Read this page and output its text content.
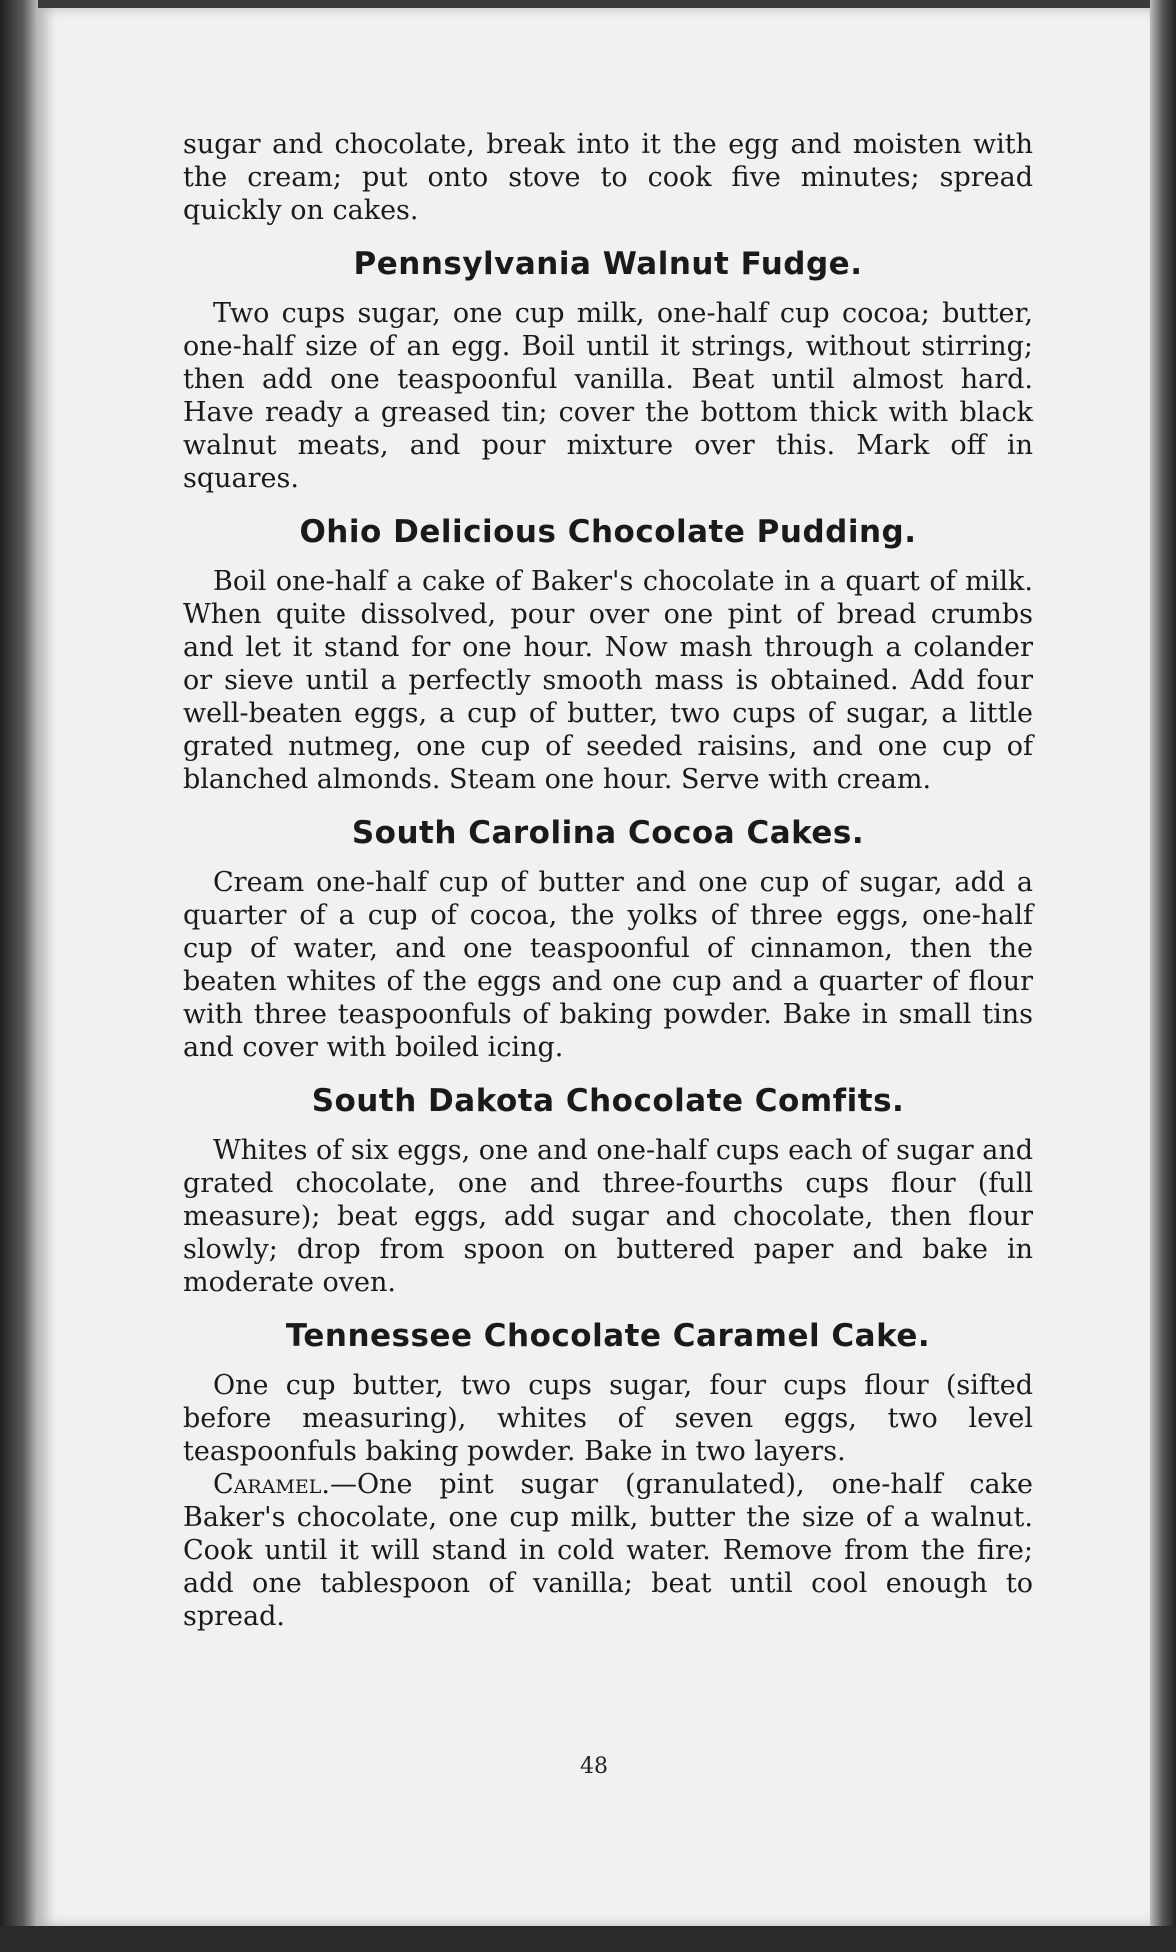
sugar and chocolate, break into it the egg and moisten with the cream; put onto stove to cook five minutes; spread quickly on cakes.

Pennsylvania Walnut Fudge.

Two cups sugar, one cup milk, one-half cup cocoa; butter, one-half size of an egg. Boil until it strings, without stirring; then add one teaspoonful vanilla. Beat until almost hard. Have ready a greased tin; cover the bottom thick with black walnut meats, and pour mixture over this. Mark off in squares.

Ohio Delicious Chocolate Pudding.

Boil one-half a cake of Baker's chocolate in a quart of milk. When quite dissolved, pour over one pint of bread crumbs and let it stand for one hour. Now mash through a colander or sieve until a perfectly smooth mass is obtained. Add four well-beaten eggs, a cup of butter, two cups of sugar, a little grated nutmeg, one cup of seeded raisins, and one cup of blanched almonds. Steam one hour. Serve with cream.

South Carolina Cocoa Cakes.

Cream one-half cup of butter and one cup of sugar, add a quarter of a cup of cocoa, the yolks of three eggs, one-half cup of water, and one teaspoonful of cinnamon, then the beaten whites of the eggs and one cup and a quarter of flour with three teaspoonfuls of baking powder. Bake in small tins and cover with boiled icing.

South Dakota Chocolate Comfits.

Whites of six eggs, one and one-half cups each of sugar and grated chocolate, one and three-fourths cups flour (full measure); beat eggs, add sugar and chocolate, then flour slowly; drop from spoon on buttered paper and bake in moderate oven.

Tennessee Chocolate Caramel Cake.

One cup butter, two cups sugar, four cups flour (sifted before measuring), whites of seven eggs, two level teaspoonfuls baking powder. Bake in two layers.

Caramel.—One pint sugar (granulated), one-half cake Baker's chocolate, one cup milk, butter the size of a walnut. Cook until it will stand in cold water. Remove from the fire; add one tablespoon of vanilla; beat until cool enough to spread.

48
